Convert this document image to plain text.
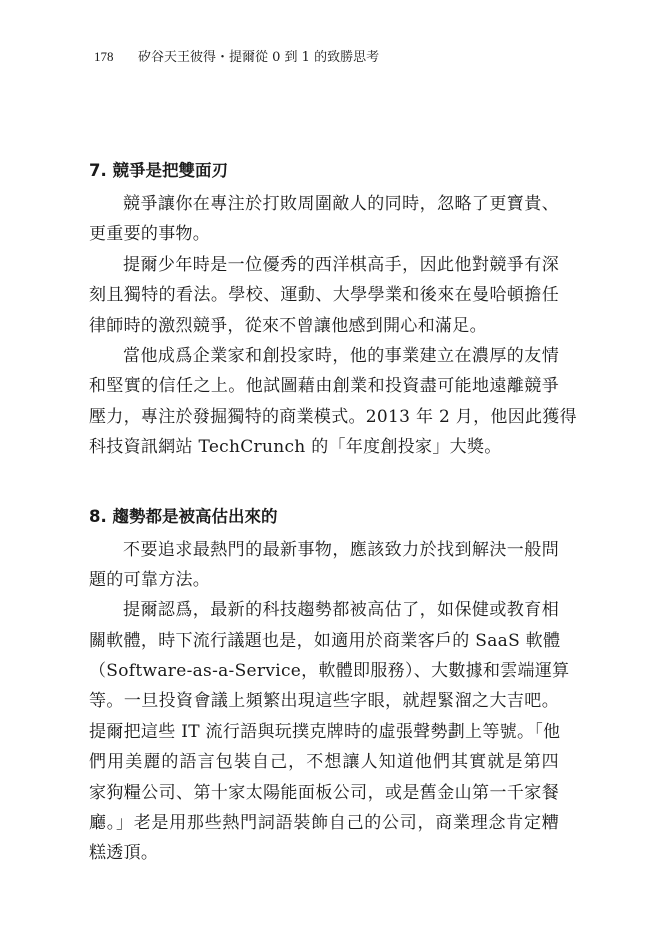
178 矽谷天王彼得・提爾從 0 到 1 的致勝思考
7. 競爭是把雙面刃
競爭讓你在專注於打敗周圍敵人的同時，忽略了更寶貴、
更重要的事物。
提爾少年時是一位優秀的西洋棋高手，因此他對競爭有深
刻且獨特的看法。學校、運動、大學學業和後來在曼哈頓擔任
律師時的激烈競爭，從來不曾讓他感到開心和滿足。
當他成爲企業家和創投家時，他的事業建立在濃厚的友情
和堅實的信任之上。他試圖藉由創業和投資盡可能地遠離競爭
壓力，專注於發掘獨特的商業模式。2013 年 2 月，他因此獲得
科技資訊網站 TechCrunch 的「年度創投家」大獎。
8. 趨勢都是被高估出來的
不要追求最熱門的最新事物，應該致力於找到解決一般問
題的可靠方法。
提爾認爲，最新的科技趨勢都被高估了，如保健或教育相
關軟體，時下流行議題也是，如適用於商業客戶的 SaaS 軟體
（Software-as-a-Service，軟體即服務）、大數據和雲端運算
等。一旦投資會議上頻繁出現這些字眼，就趕緊溜之大吉吧。
提爾把這些 IT 流行語與玩撲克牌時的虛張聲勢劃上等號。「他
們用美麗的語言包裝自己，不想讓人知道他們其實就是第四
家狗糧公司、第十家太陽能面板公司，或是舊金山第一千家餐
廳。」老是用那些熱門詞語裝飾自己的公司，商業理念肯定糟
糕透頂。
